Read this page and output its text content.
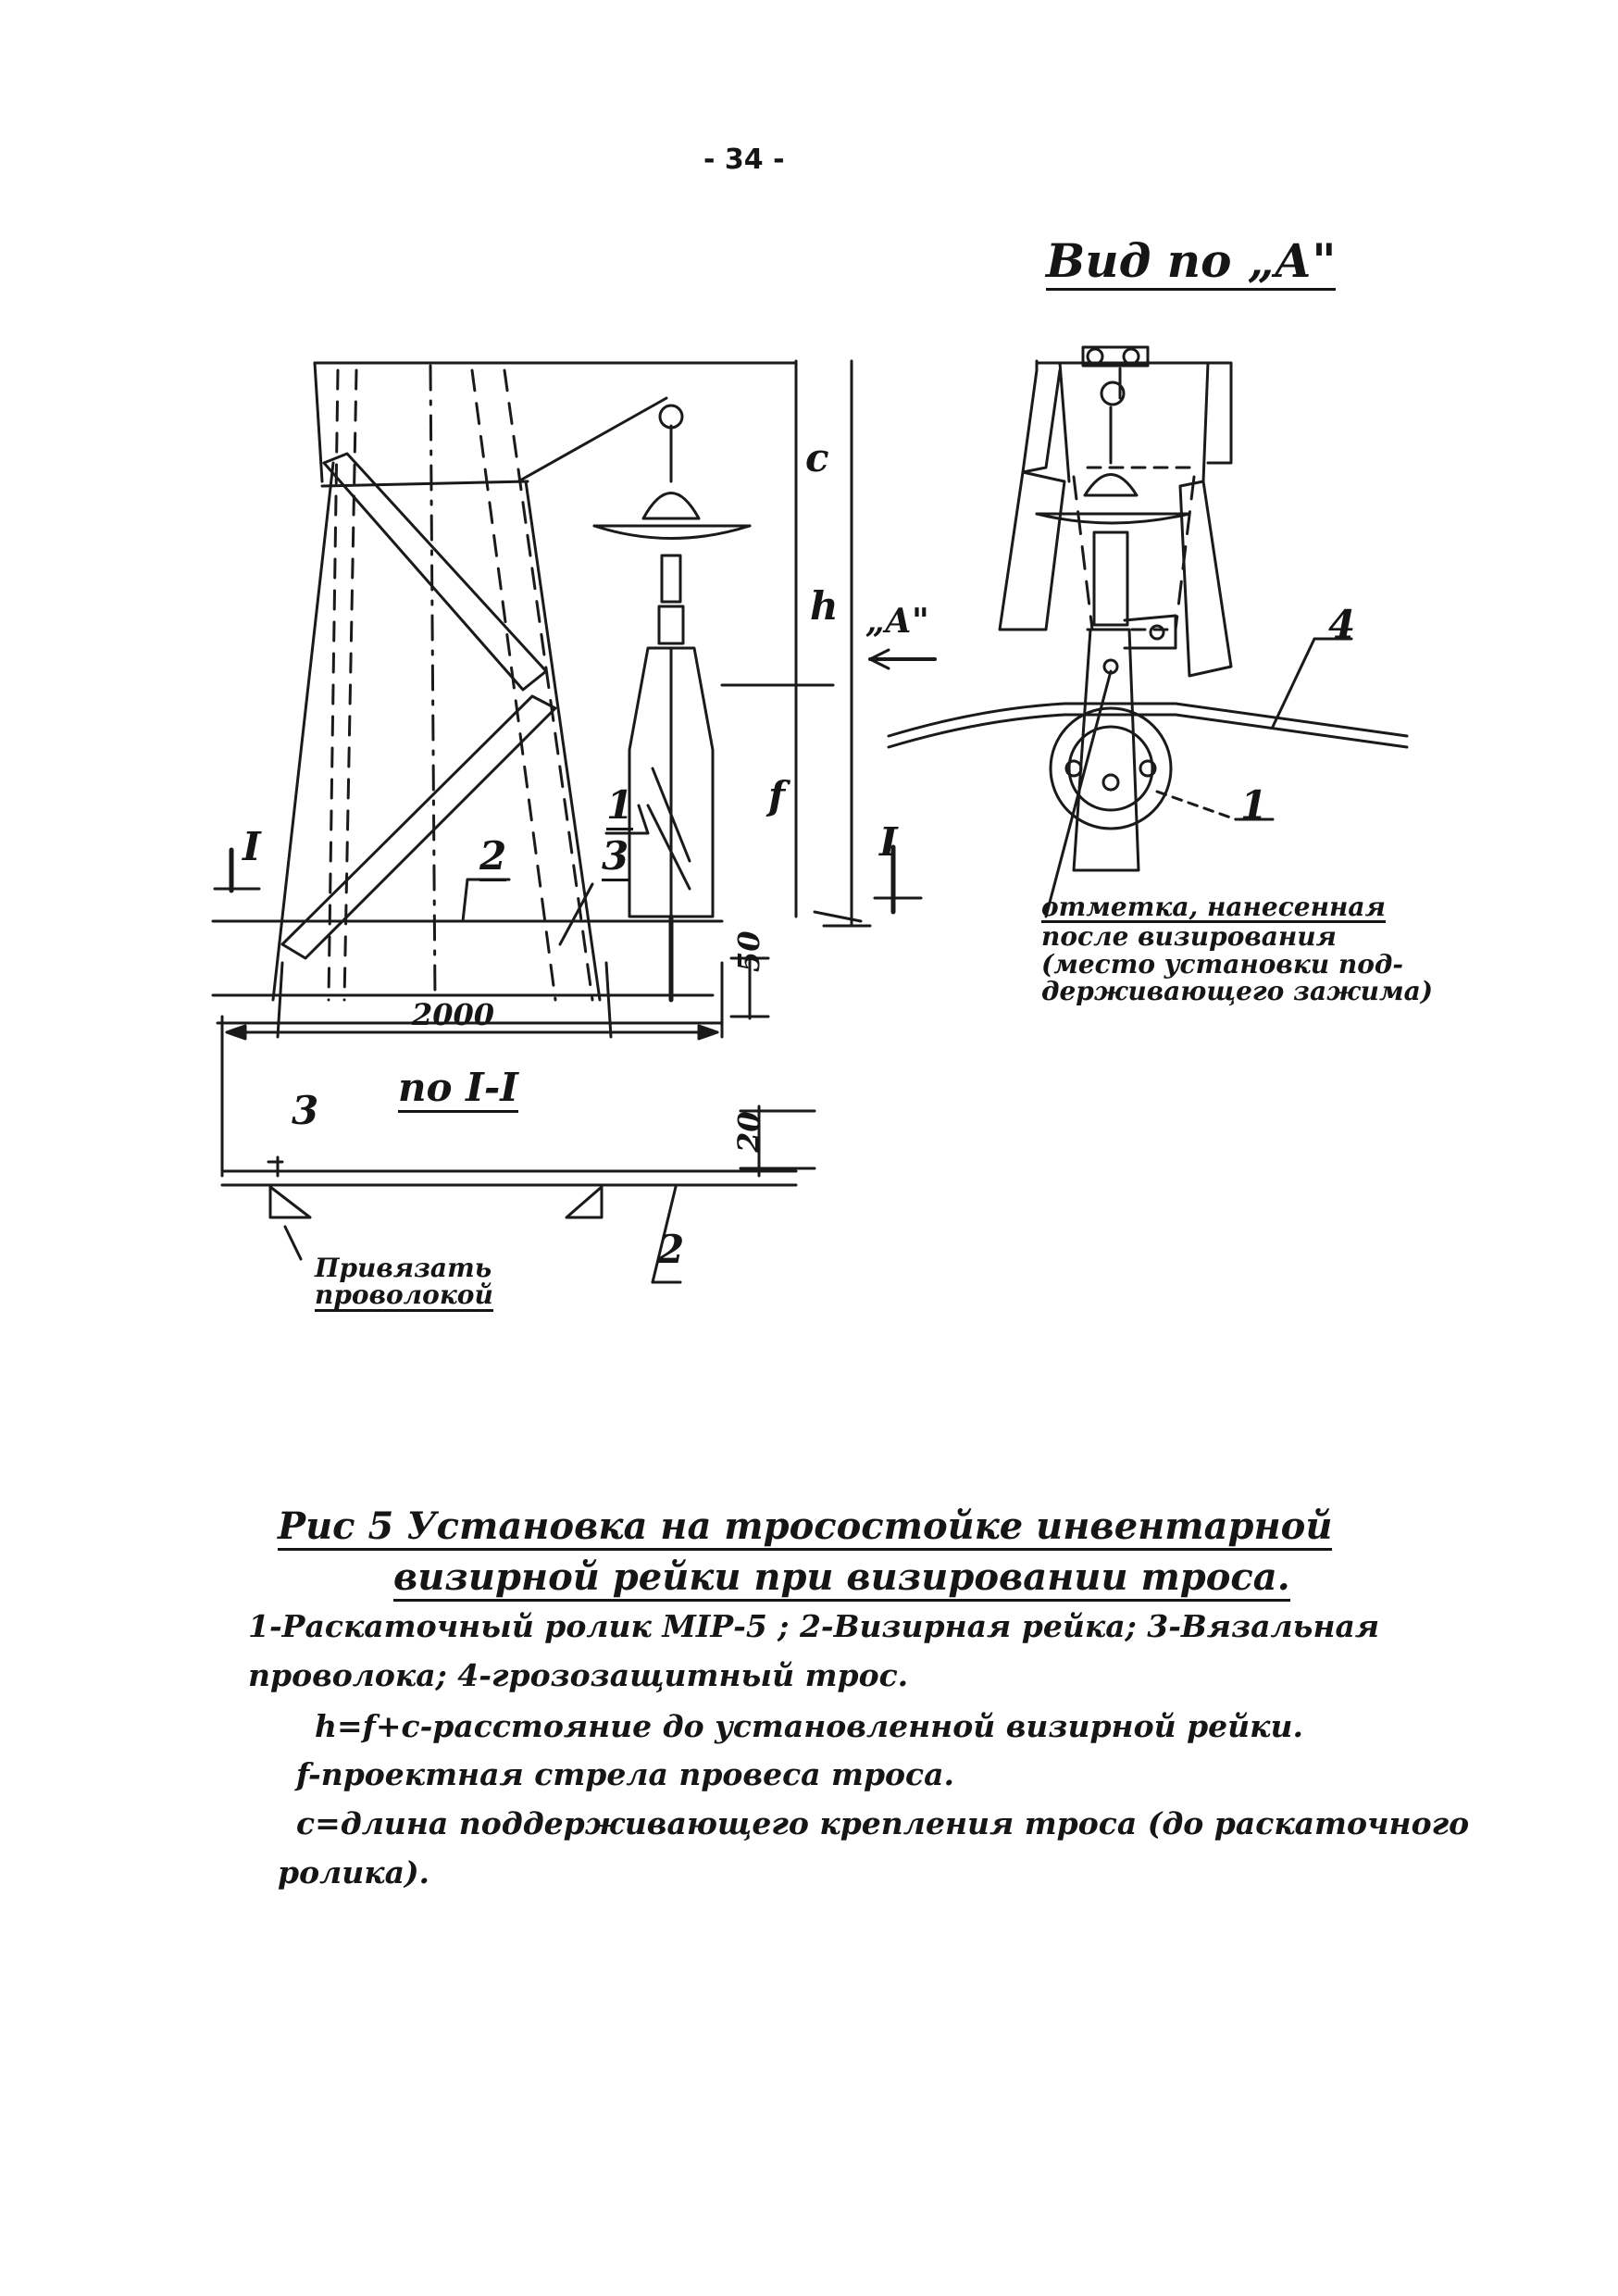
- 34 -
Вид по „А"
„А"
I	I
c
h
f
1
2 3
2000
50
по I-I
3
2
20
Привязать
проволокой
4
1
отметка, нанесенная
после визирования
(место установки под-
держивающего зажима)
Рис 5 Установка на тросостойке инвентарной
визирной рейки при визировании троса.
1-Раскаточный ролик МІР-5 ; 2-Визирная рейка; 3-Вязальная
проволока; 4-грозозащитный трос.
h=f+c-расстояние до установленной визирной рейки.
f-проектная стрела провеса троса.
c=длина поддерживающего крепления троса (до раскаточного
ролика).
